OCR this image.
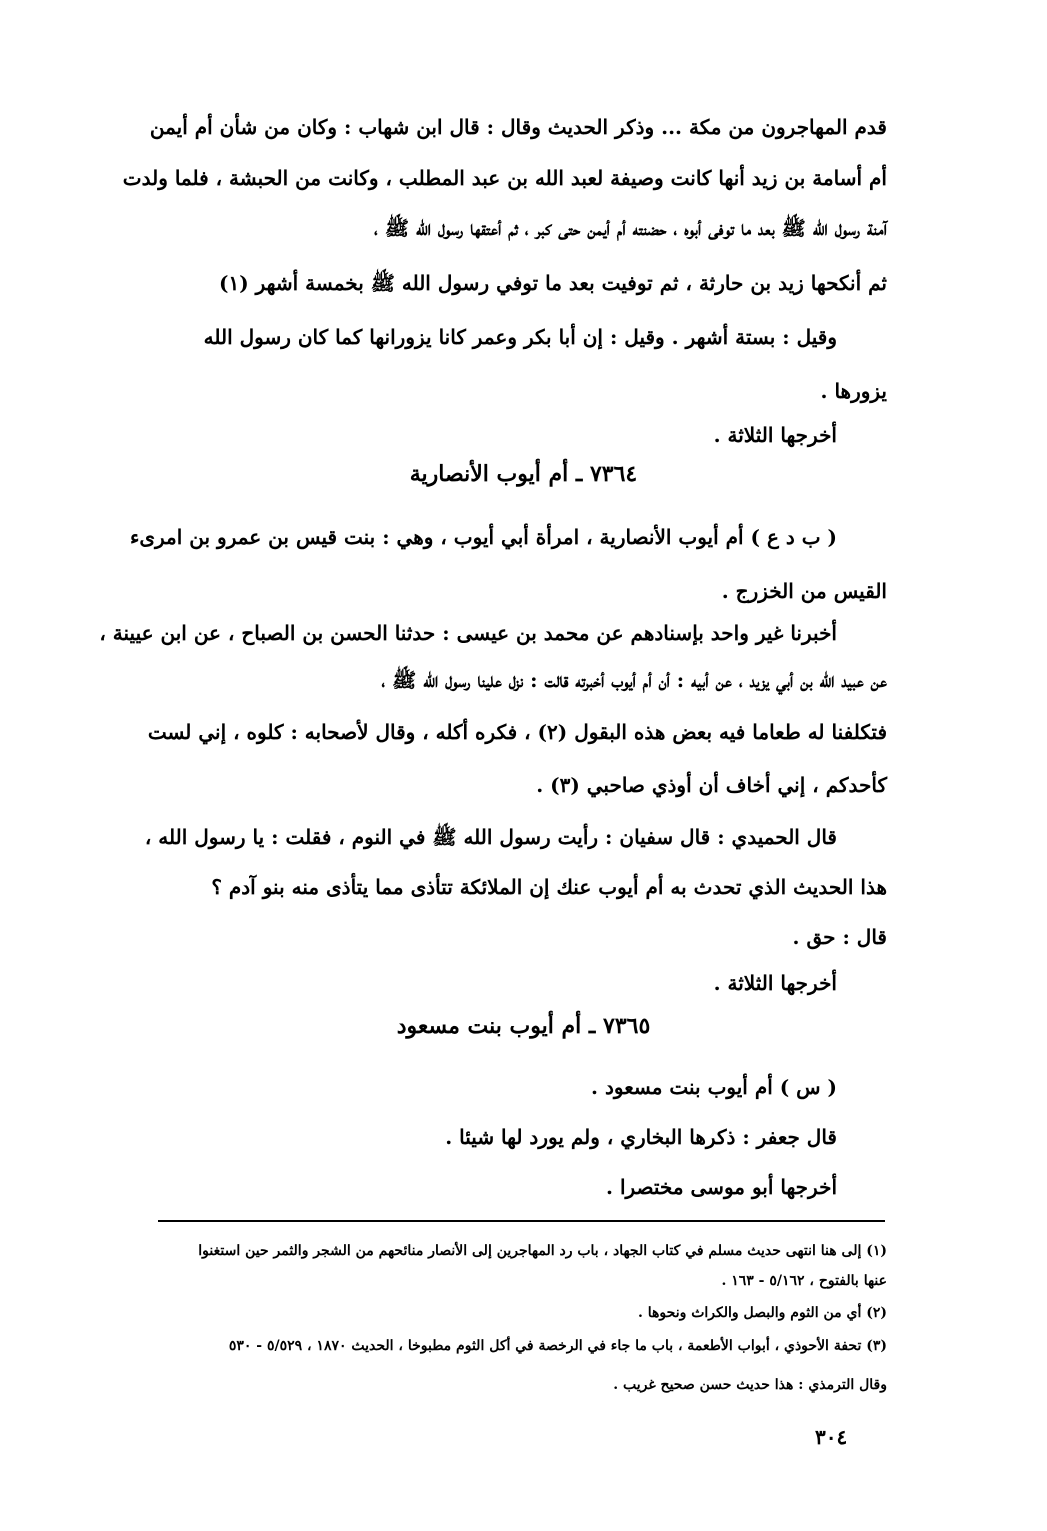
قدم المهاجرون من مكة ... وذكر الحديث وقال : قال ابن شهاب : وكان من شأن أم أيمن
أم أسامة بن زيد أنها كانت وصيفة لعبد الله بن عبد المطلب ، وكانت من الحبشة ، فلما ولدت
آمنة رسول الله ﷺ بعد ما توفى أبوه ، حضنته أم أيمن حتى كبر ، ثم أعتقها رسول الله ﷺ ،
ثم أنكحها زيد بن حارثة ، ثم توفيت بعد ما توفي رسول الله ﷺ بخمسة أشهر (١)
وقيل : بستة أشهر . وقيل : إن أبا بكر وعمر كانا يزورانها كما كان رسول الله
يزورها .
أخرجها الثلاثة .
٧٣٦٤ ـ أم أيوب الأنصارية
( ب د ع ) أم أيوب الأنصارية ، امرأة أبي أيوب ، وهي : بنت قيس بن عمرو بن امرىء
القيس من الخزرج .
أخبرنا غير واحد بإسنادهم عن محمد بن عيسى : حدثنا الحسن بن الصباح ، عن ابن عيينة ،
عن عبيد الله بن أبي يزيد ، عن أبيه : أن أم أيوب أخبرته قالت : نزل علينا رسول الله ﷺ ،
فتكلفنا له طعاما فيه بعض هذه البقول (٢) ، فكره أكله ، وقال لأصحابه : كلوه ، إني لست
كأحدكم ، إني أخاف أن أوذي صاحبي (٣) .
قال الحميدي : قال سفيان : رأيت رسول الله ﷺ في النوم ، فقلت : يا رسول الله ،
هذا الحديث الذي تحدث به أم أيوب عنك إن الملائكة تتأذى مما يتأذى منه بنو آدم ؟
قال : حق .
أخرجها الثلاثة .
٧٣٦٥ ـ أم أيوب بنت مسعود
( س ) أم أيوب بنت مسعود .
قال جعفر : ذكرها البخاري ، ولم يورد لها شيئا .
أخرجها أبو موسى مختصرا .
(١) إلى هنا انتهى حديث مسلم في كتاب الجهاد ، باب رد المهاجرين إلى الأنصار منائحهم من الشجر والثمر حين استغنوا
عنها بالفتوح ، ٥/١٦٢ - ١٦٣ .
(٢) أي من الثوم والبصل والكراث ونحوها .
(٣) تحفة الأحوذي ، أبواب الأطعمة ، باب ما جاء في الرخصة في أكل الثوم مطبوخا ، الحديث ١٨٧٠ ، ٥/٥٢٩ - ٥٣٠
وقال الترمذي : هذا حديث حسن صحيح غريب .
٣٠٤
